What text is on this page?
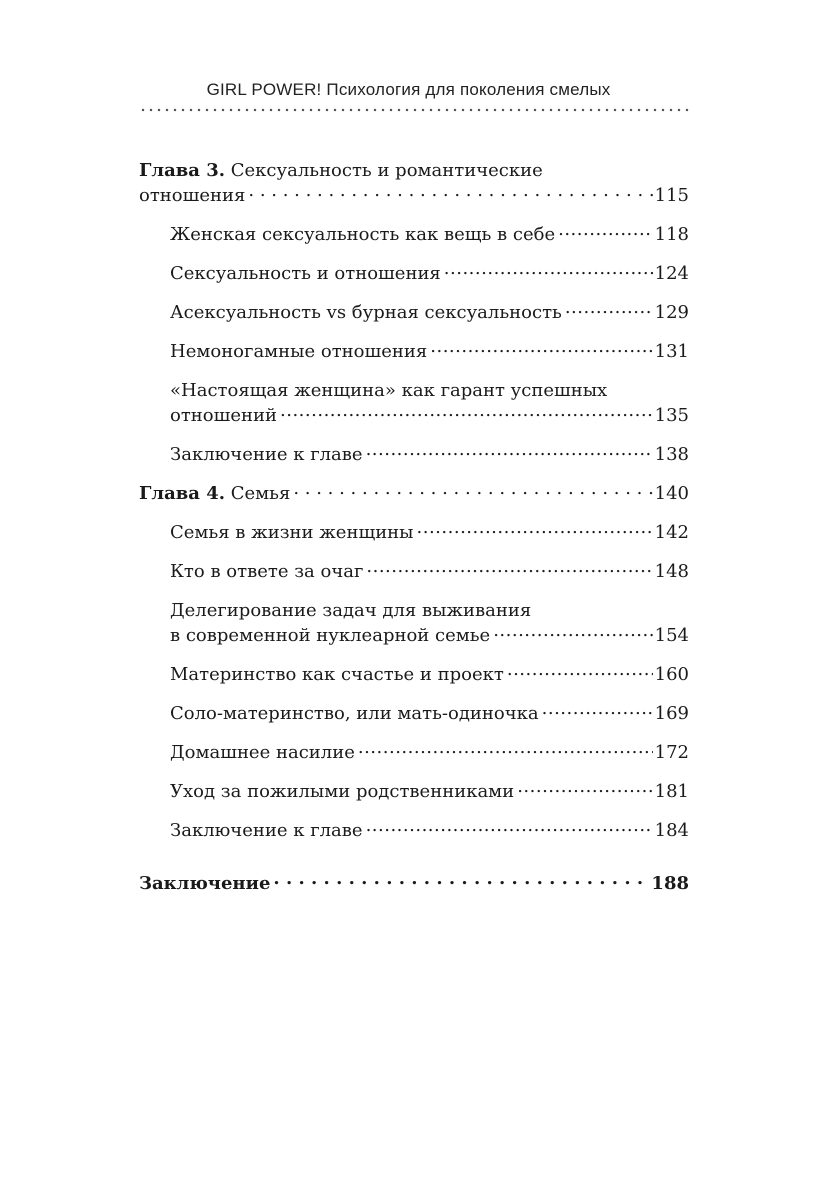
GIRL POWER! Психология для поколения смелых
Глава 3. Сексуальность и романтические
отношения . . .	115
Женская сексуальность как вещь в себе .....	118
Сексуальность и отношения .....	124
Асексуальность vs бурная сексуальность .....	129
Немоногамные отношения .....	131
«Настоящая женщина» как гарант успешных
отношений .....	135
Заключение к главе .....	138
Глава 4. Семья . . .	140
Семья в жизни женщины .....	142
Кто в ответе за очаг .....	148
Делегирование задач для выживания
в современной нуклеарной семье .....	154
Материнство как счастье и проект .....	160
Соло-материнство, или мать-одиночка .....	169
Домашнее насилие .....	172
Уход за пожилыми родственниками .....	181
Заключение к главе .....	184
Заключение . . .	188
